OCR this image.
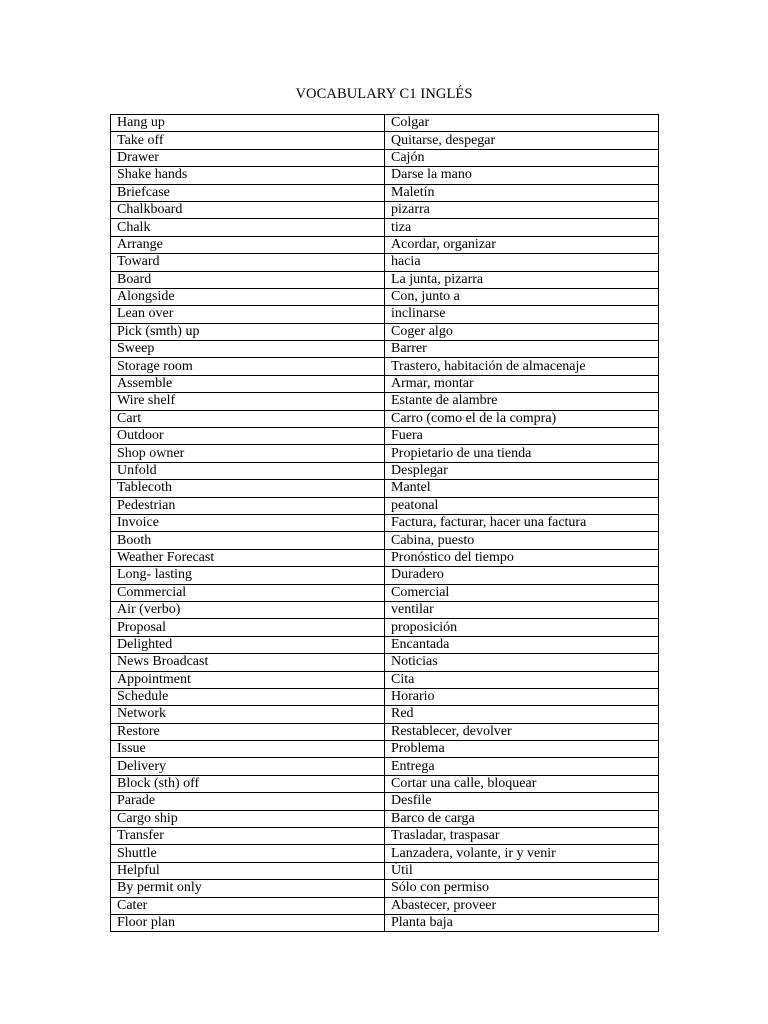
VOCABULARY C1 INGLÉS
Hang up	Colgar
Take off	Quitarse, despegar
Drawer	Cajón
Shake hands	Darse la mano
Briefcase	Maletín
Chalkboard	pizarra
Chalk	tiza
Arrange	Acordar, organizar
Toward	hacia
Board	La junta, pizarra
Alongside	Con, junto a
Lean over	inclinarse
Pick (smth) up	Coger algo
Sweep	Barrer
Storage room	Trastero, habitación de almacenaje
Assemble	Armar, montar
Wire shelf	Estante de alambre
Cart	Carro (como el de la compra)
Outdoor	Fuera
Shop owner	Propietario de una tienda
Unfold	Desplegar
Tablecoth	Mantel
Pedestrian	peatonal
Invoice	Factura, facturar, hacer una factura
Booth	Cabina, puesto
Weather Forecast	Pronóstico del tiempo
Long- lasting	Duradero
Commercial	Comercial
Air (verbo)	ventilar
Proposal	proposición
Delighted	Encantada
News Broadcast	Noticias
Appointment	Cita
Schedule	Horario
Network	Red
Restore	Restablecer, devolver
Issue	Problema
Delivery	Entrega
Block (sth) off	Cortar una calle, bloquear
Parade	Desfile
Cargo ship	Barco de carga
Transfer	Trasladar, traspasar
Shuttle	Lanzadera, volante, ir y venir
Helpful	Útil
By permit only	Sólo con permiso
Cater	Abastecer, proveer
Floor plan	Planta baja
